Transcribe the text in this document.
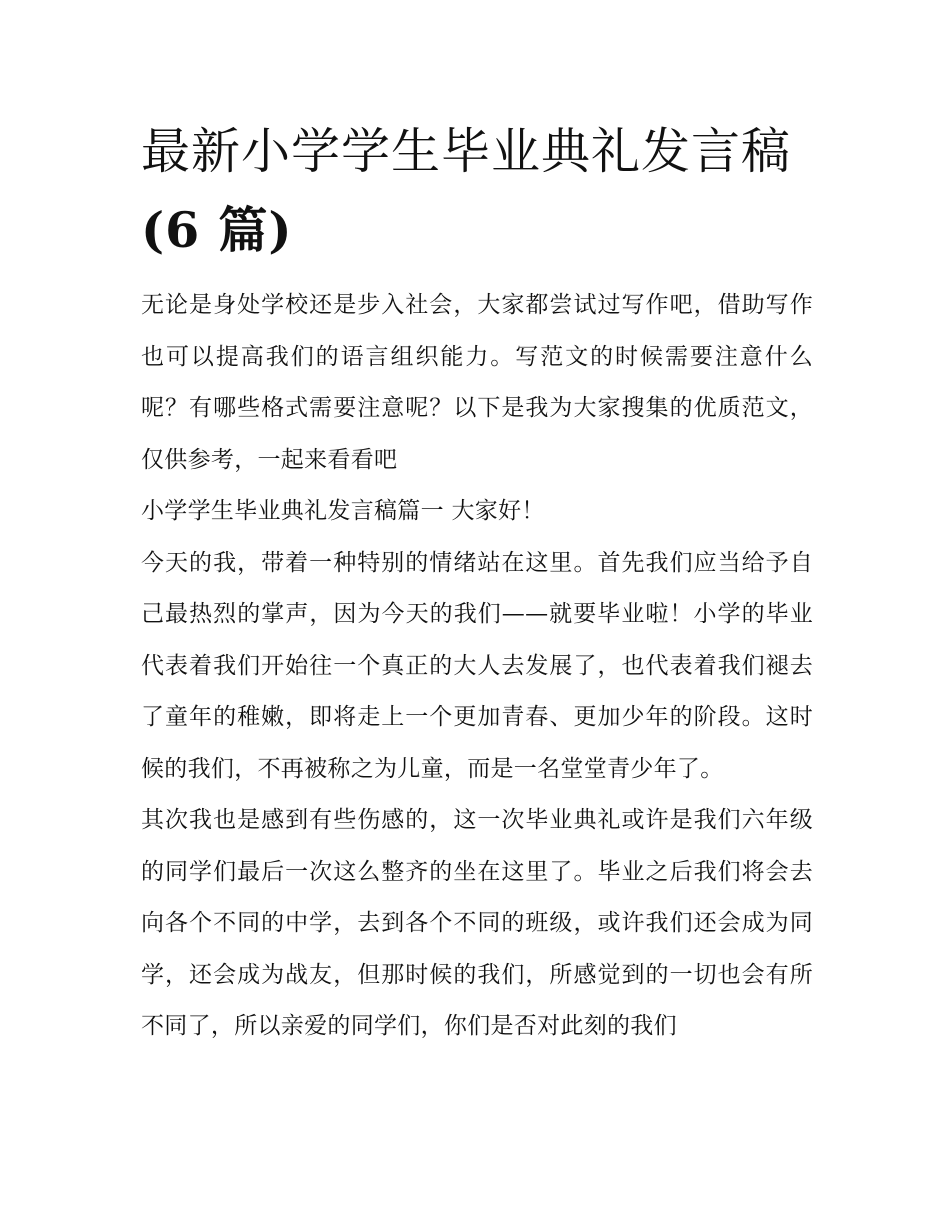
最新小学学生毕业典礼发言稿
(6 篇)

无论是身处学校还是步入社会，大家都尝试过写作吧，借助写作也可以提高我们的语言组织能力。写范文的时候需要注意什么呢？有哪些格式需要注意呢？以下是我为大家搜集的优质范文，仅供参考，一起来看看吧

小学学生毕业典礼发言稿篇一 大家好！

今天的我，带着一种特别的情绪站在这里。首先我们应当给予自己最热烈的掌声，因为今天的我们——就要毕业啦！小学的毕业代表着我们开始往一个真正的大人去发展了，也代表着我们褪去了童年的稚嫩，即将走上一个更加青春、更加少年的阶段。这时候的我们，不再被称之为儿童，而是一名堂堂青少年了。

其次我也是感到有些伤感的，这一次毕业典礼或许是我们六年级的同学们最后一次这么整齐的坐在这里了。毕业之后我们将会去向各个不同的中学，去到各个不同的班级，或许我们还会成为同学，还会成为战友，但那时候的我们，所感觉到的一切也会有所不同了，所以亲爱的同学们，你们是否对此刻的我们
